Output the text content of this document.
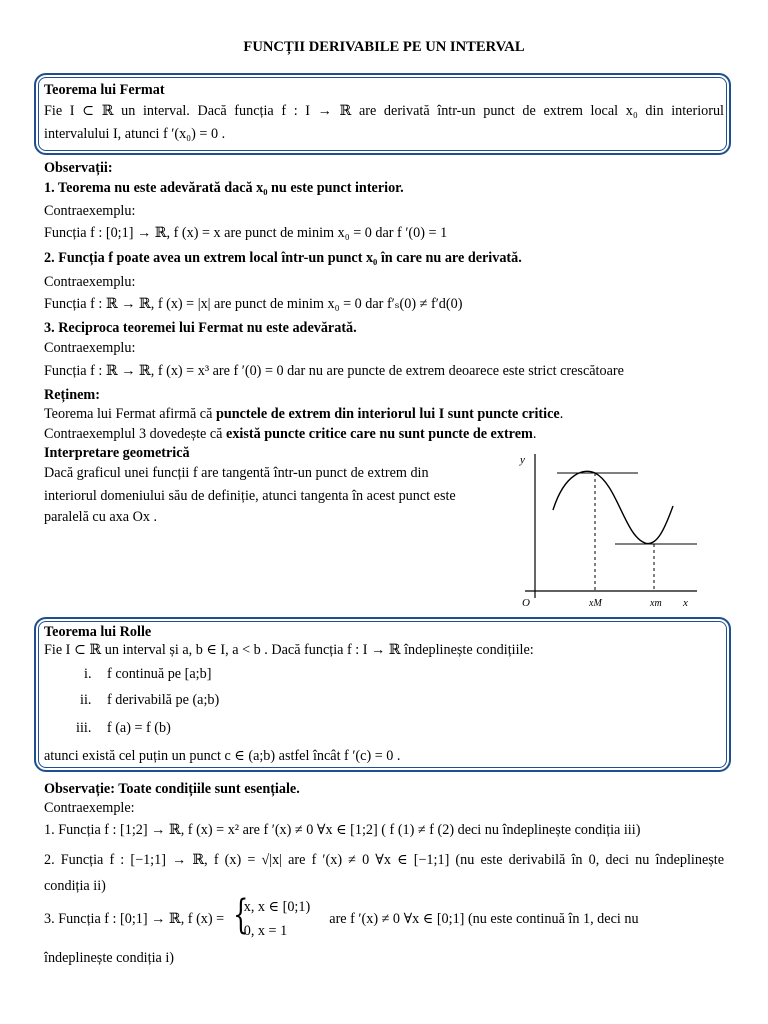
FUNCȚII DERIVABILE PE UN INTERVAL
Teorema lui Fermat
Fie I ⊂ ℝ un interval. Dacă funcția f : I → ℝ are derivată într-un punct de extrem local x₀ din interiorul
intervalului I, atunci f ′(x₀) = 0 .
Observații:
1. Teorema nu este adevărată dacă x₀ nu este punct interior.
Contraexemplu:
Funcția f : [0;1] → ℝ, f (x) = x are punct de minim x₀ = 0 dar f ′(0) = 1
2. Funcția f poate avea un extrem local într-un punct x₀ în care nu are derivată.
Contraexemplu:
Funcția f : ℝ → ℝ, f (x) = |x| are punct de minim x₀ = 0 dar f′ₛ(0) ≠ f′d(0)
3. Reciproca teoremei lui Fermat nu este adevărată.
Contraexemplu:
Funcția f : ℝ → ℝ, f (x) = x³ are f ′(0) = 0 dar nu are puncte de extrem deoarece este strict crescătoare
Reținem:
Teorema lui Fermat afirmă că punctele de extrem din interiorul lui I sunt puncte critice.
Contraexemplul 3 dovedește că există puncte critice care nu sunt puncte de extrem.
Interpretare geometrică
Dacă graficul unei funcții f are tangentă într-un punct de extrem din
interiorul domeniului său de definiție, atunci tangenta în acest punct este
paralelă cu axa Ox .
y
x
O	xM	xm
Teorema lui Rolle
Fie I ⊂ ℝ un interval și a, b ∈ I, a < b . Dacă funcția f : I → ℝ îndeplinește condițiile:
i. f continuă pe [a;b]
ii. f derivabilă pe (a;b)
iii. f (a) = f (b)
atunci există cel puțin un punct c ∈ (a;b) astfel încât f ′(c) = 0 .
Observație: Toate condițiile sunt esențiale.
Contraexemple:
1. Funcția f : [1;2] → ℝ, f (x) = x² are f ′(x) ≠ 0 ∀x ∈ [1;2] ( f (1) ≠ f (2) deci nu îndeplinește condiția iii)
2. Funcția f : [−1;1] → ℝ, f (x) = √|x| are f ′(x) ≠ 0 ∀x ∈ [−1;1] (nu este derivabilă în 0, deci nu îndeplinește
condiția ii)
3. Funcția f : [0;1] → ℝ, f (x) = {
x, x ∈ [0;1)
0, x = 1
are f ′(x) ≠ 0 ∀x ∈ [0;1] (nu este continuă în 1, deci nu
îndeplinește condiția i)
